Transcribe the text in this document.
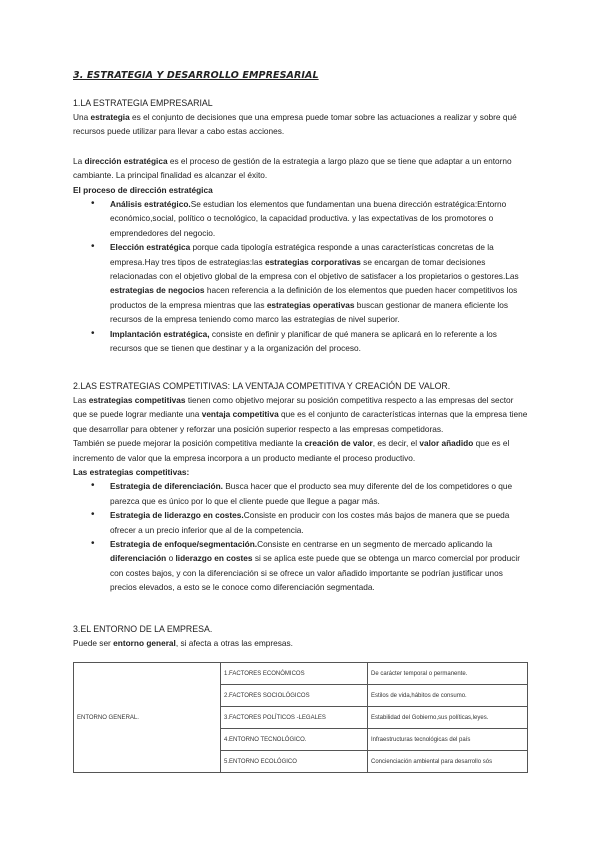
3. ESTRATEGIA Y DESARROLLO EMPRESARIAL
1.LA ESTRATEGIA EMPRESARIAL

Una estrategia es el conjunto de decisiones que una empresa puede tomar sobre las actuaciones a realizar y sobre qué recursos puede utilizar para llevar a cabo estas acciones.

La dirección estratégica es el proceso de gestión de la estrategia a largo plazo que se tiene que adaptar a un entorno cambiante. La principal finalidad es alcanzar el éxito.

El proceso de dirección estratégica

• Análisis estratégico.Se estudian los elementos que fundamentan una buena dirección estratégica:Entorno económico,social, político o tecnológico, la capacidad productiva. y las expectativas de los promotores o emprendedores del negocio.
• Elección estratégica porque cada tipología estratégica responde a unas características concretas de la empresa.Hay tres tipos de estrategias:las estrategias corporativas se encargan de tomar decisiones relacionadas con el objetivo global de la empresa con el objetivo de satisfacer a los propietarios o gestores.Las estrategias de negocios hacen referencia a la definición de los elementos que pueden hacer competitivos los productos de la empresa mientras que las estrategias operativas buscan gestionar de manera eficiente los recursos de la empresa teniendo como marco las estrategias de nivel superior.
• Implantación estratégica, consiste en definir y planificar de qué manera se aplicará en lo referente a los recursos que se tienen que destinar y a la organización del proceso.
2.LAS ESTRATEGIAS COMPETITIVAS: LA VENTAJA COMPETITIVA Y CREACIÓN DE VALOR.

Las estrategias competitivas tienen como objetivo mejorar su posición competitiva respecto a las empresas del sector que se puede lograr mediante una ventaja competitiva que es el conjunto de características internas que la empresa tiene que desarrollar para obtener y reforzar una posición superior respecto a las empresas competidoras.

También se puede mejorar la posición competitiva mediante la creación de valor, es decir, el valor añadido que es el incremento de valor que la empresa incorpora a un producto mediante el proceso productivo.

Las estrategias competitivas:

• Estrategia de diferenciación. Busca hacer que el producto sea muy diferente del de los competidores o que parezca que es único por lo que el cliente puede que llegue a pagar más.
• Estrategia de liderazgo en costes.Consiste en producir con los costes más bajos de manera que se pueda ofrecer a un precio inferior que al de la competencia.
• Estrategia de enfoque/segmentación.Consiste en centrarse en un segmento de mercado aplicando la diferenciación o liderazgo en costes si se aplica este puede que se obtenga un marco comercial por producir con costes bajos, y con la diferenciación si se ofrece un valor añadido importante se podrían justificar unos precios elevados, a esto se le conoce como diferenciación segmentada.
3.EL ENTORNO DE LA EMPRESA.

Puede ser entorno general, si afecta a otras las empresas.

ENTORNO GENERAL.	1.FACTORES ECONÓMICOS	De carácter temporal o permanente.
	2.FACTORES SOCIOLÓGICOS	Estilos de vida,hábitos de consumo.
	3.FACTORES POLÍTICOS -LEGALES	Estabilidad del Gobierno,sus políticas,leyes.
	4.ENTORNO TECNOLÓGICO.	Infraestructuras tecnológicas del país
	5.ENTORNO ECOLÓGICO	Concienciación ambiental para desarrollo sós
